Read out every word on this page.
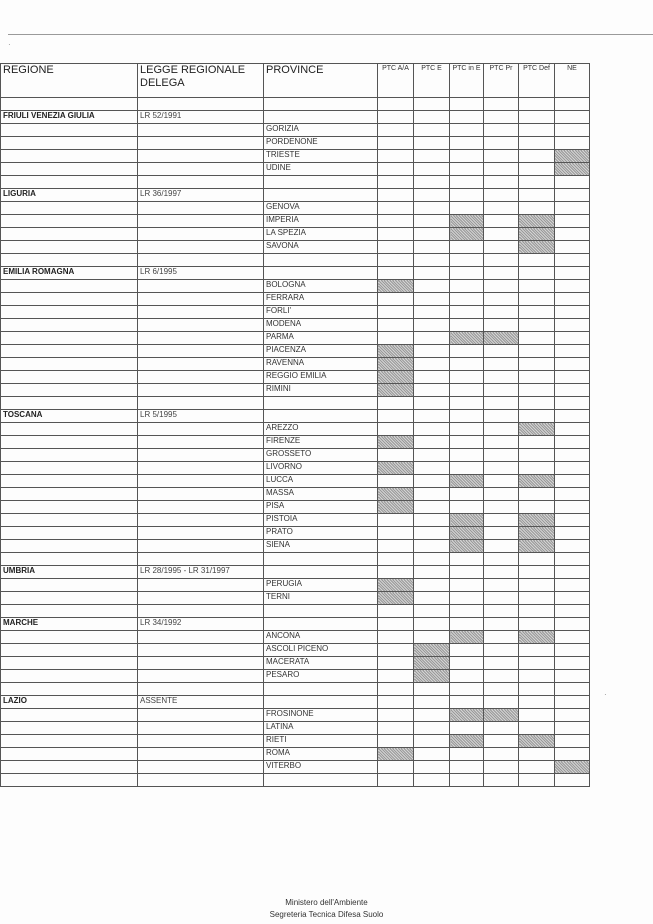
·
·
REGIONE	LEGGE REGIONALE DELEGA	PROVINCE	PTC A/A	PTC E	PTC in E	PTC Pr	PTC Def	NE

FRIULI VENEZIA GIULIA	LR 52/1991							
		GORIZIA						
		PORDENONE						
		TRIESTE						
		UDINE						

LIGURIA	LR 36/1997							
		GENOVA						
		IMPERIA						
		LA SPEZIA						
		SAVONA						

EMILIA ROMAGNA	LR 6/1995							
		BOLOGNA						
		FERRARA						
		FORLI'						
		MODENA						
		PARMA						
		PIACENZA						
		RAVENNA						
		REGGIO EMILIA						
		RIMINI						

TOSCANA	LR 5/1995							
		AREZZO						
		FIRENZE						
		GROSSETO						
		LIVORNO						
		LUCCA						
		MASSA						
		PISA						
		PISTOIA						
		PRATO						
		SIENA						

UMBRIA	LR 28/1995 - LR 31/1997							
		PERUGIA						
		TERNI						

MARCHE	LR 34/1992							
		ANCONA						
		ASCOLI PICENO						
		MACERATA						
		PESARO						

LAZIO	ASSENTE							
		FROSINONE						
		LATINA						
		RIETI						
		ROMA						
		VITERBO						

Ministero dell'Ambiente
Segreteria Tecnica Difesa Suolo
